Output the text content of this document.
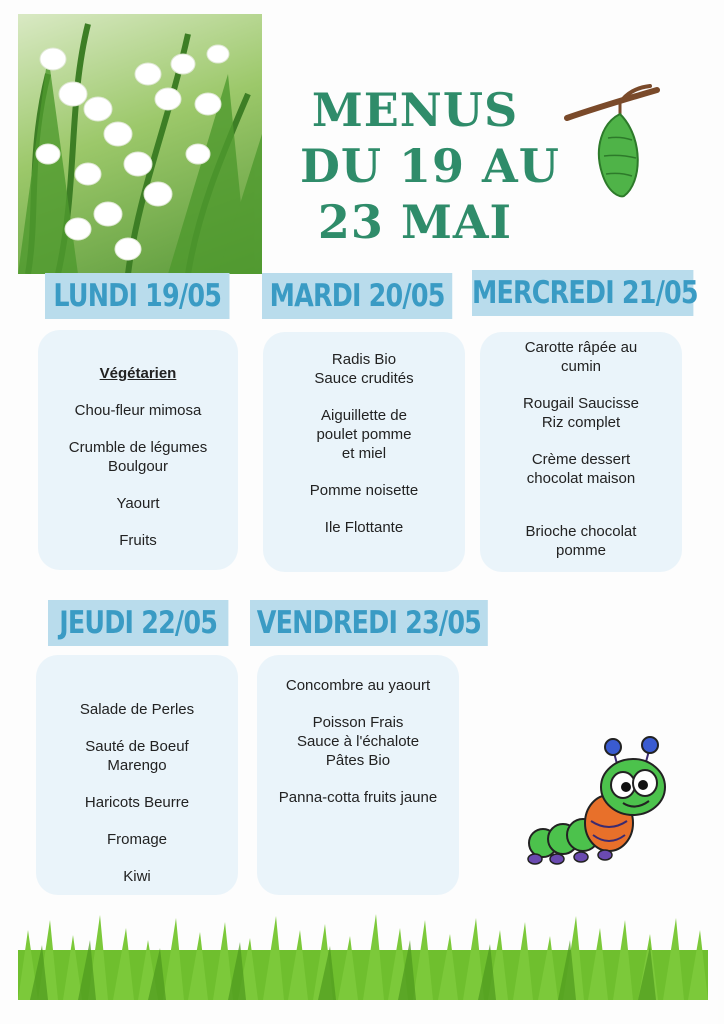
MENUS
DU 19 AU
23 MAI
LUNDI 19/05 MARDI 20/05 MERCREDI 21/05
JEUDI 22/05	VENDREDI 23/05
Végétarien
Chou-fleur mimosa
Crumble de légumes
Boulgour
Yaourt
Fruits
Radis Bio
Sauce crudités
Aiguillette de
poulet pomme
et miel
Pomme noisette
Ile Flottante
Carotte râpée au
cumin
Rougail Saucisse
Riz complet
Crème dessert
chocolat maison
Brioche chocolat
pomme
Salade de Perles
Sauté de Boeuf
Marengo
Haricots Beurre
Fromage
Kiwi
Concombre au yaourt
Poisson Frais
Sauce à l'échalote
Pâtes Bio
Panna-cotta fruits jaune
